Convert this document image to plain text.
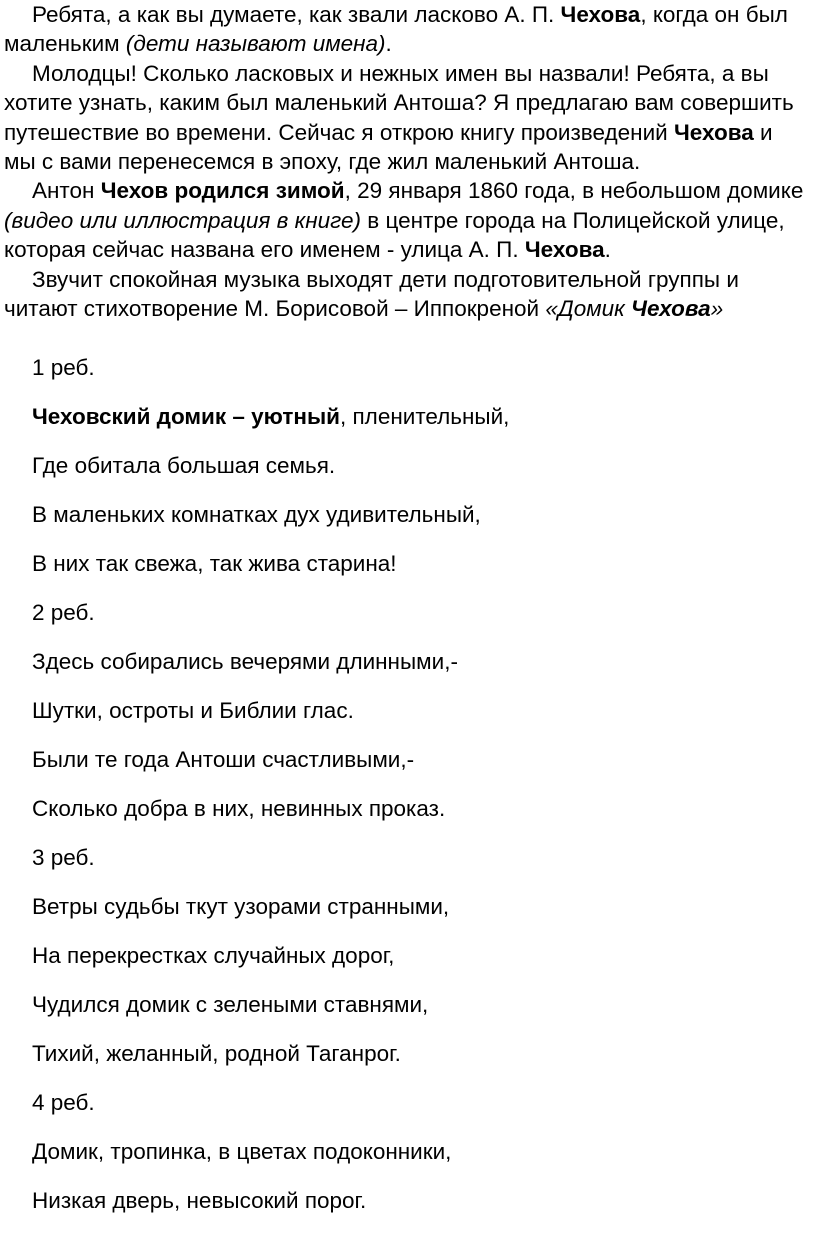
Ребята, а как вы думаете, как звали ласково А. П. Чехова, когда он был маленьким (дети называют имена).

Молодцы! Сколько ласковых и нежных имен вы назвали! Ребята, а вы хотите узнать, каким был маленький Антоша? Я предлагаю вам совершить путешествие во времени. Сейчас я открою книгу произведений Чехова и мы с вами перенесемся в эпоху, где жил маленький Антоша.

Антон Чехов родился зимой, 29 января 1860 года, в небольшом домике (видео или иллюстрация в книге) в центре города на Полицейской улице, которая сейчас названа его именем - улица А. П. Чехова.

Звучит спокойная музыка выходят дети подготовительной группы и читают стихотворение М. Борисовой – Иппокреной «Домик Чехова»

1 реб.

Чеховский домик – уютный, пленительный,

Где обитала большая семья.

В маленьких комнатках дух удивительный,

В них так свежа, так жива старина!

2 реб.

Здесь собирались вечерями длинными,-

Шутки, остроты и Библии глас.

Были те года Антоши счастливыми,-

Сколько добра в них, невинных проказ.

3 реб.

Ветры судьбы ткут узорами странными,

На перекрестках случайных дорог,

Чудился домик с зелеными ставнями,

Тихий, желанный, родной Таганрог.

4 реб.

Домик, тропинка, в цветах подоконники,

Низкая дверь, невысокий порог.
